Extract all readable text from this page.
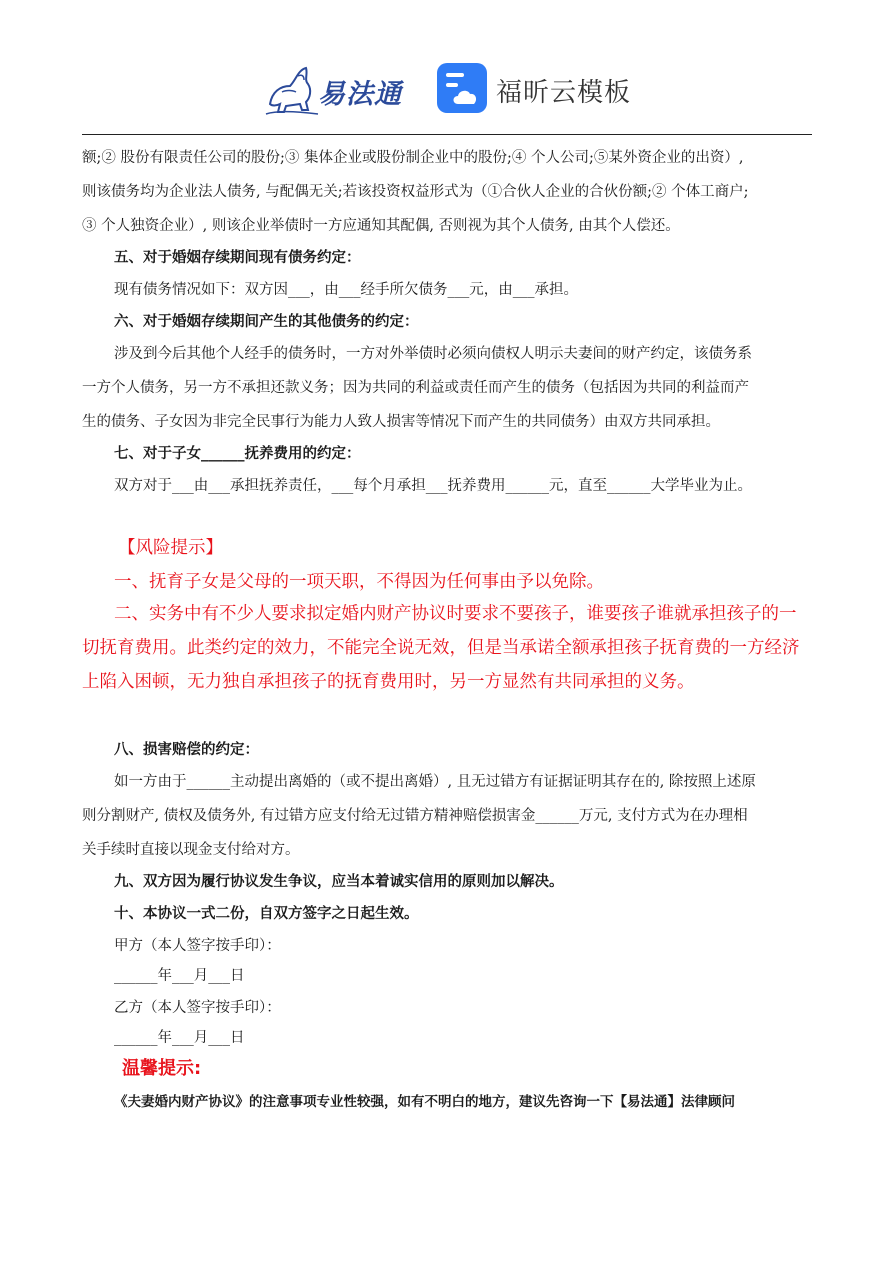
易法通	福昕云模板
额;② 股份有限责任公司的股份;③ 集体企业或股份制企业中的股份;④ 个人公司;⑤某外资企业的出资）,
则该债务均为企业法人债务, 与配偶无关;若该投资权益形式为（①合伙人企业的合伙份额;② 个体工商户;
③ 个人独资企业）, 则该企业举债时一方应通知其配偶, 否则视为其个人债务, 由其个人偿还。
五、对于婚姻存续期间现有债务约定：
现有债务情况如下：双方因___，由___经手所欠债务___元，由___承担。
六、对于婚姻存续期间产生的其他债务的约定：
涉及到今后其他个人经手的债务时，一方对外举债时必须向债权人明示夫妻间的财产约定，该债务系
一方个人债务，另一方不承担还款义务；因为共同的利益或责任而产生的债务（包括因为共同的利益而产
生的债务、子女因为非完全民事行为能力人致人损害等情况下而产生的共同债务）由双方共同承担。
七、对于子女______抚养费用的约定：
双方对于___由___承担抚养责任，___每个月承担___抚养费用______元，直至______大学毕业为止。
【风险提示】
一、抚育子女是父母的一项天职，不得因为任何事由予以免除。
二、实务中有不少人要求拟定婚内财产协议时要求不要孩子，谁要孩子谁就承担孩子的一
切抚育费用。此类约定的效力，不能完全说无效，但是当承诺全额承担孩子抚育费的一方经济
上陷入困顿，无力独自承担孩子的抚育费用时，另一方显然有共同承担的义务。
八、损害赔偿的约定：
如一方由于______主动提出离婚的（或不提出离婚）, 且无过错方有证据证明其存在的, 除按照上述原
则分割财产, 债权及债务外, 有过错方应支付给无过错方精神赔偿损害金______万元, 支付方式为在办理相
关手续时直接以现金支付给对方。
九、双方因为履行协议发生争议，应当本着诚实信用的原则加以解决。
十、本协议一式二份，自双方签字之日起生效。
甲方（本人签字按手印）：
______年___月___日
乙方（本人签字按手印）：
______年___月___日
温馨提示:
《夫妻婚内财产协议》的注意事项专业性较强，如有不明白的地方，建议先咨询一下【易法通】法律顾问
